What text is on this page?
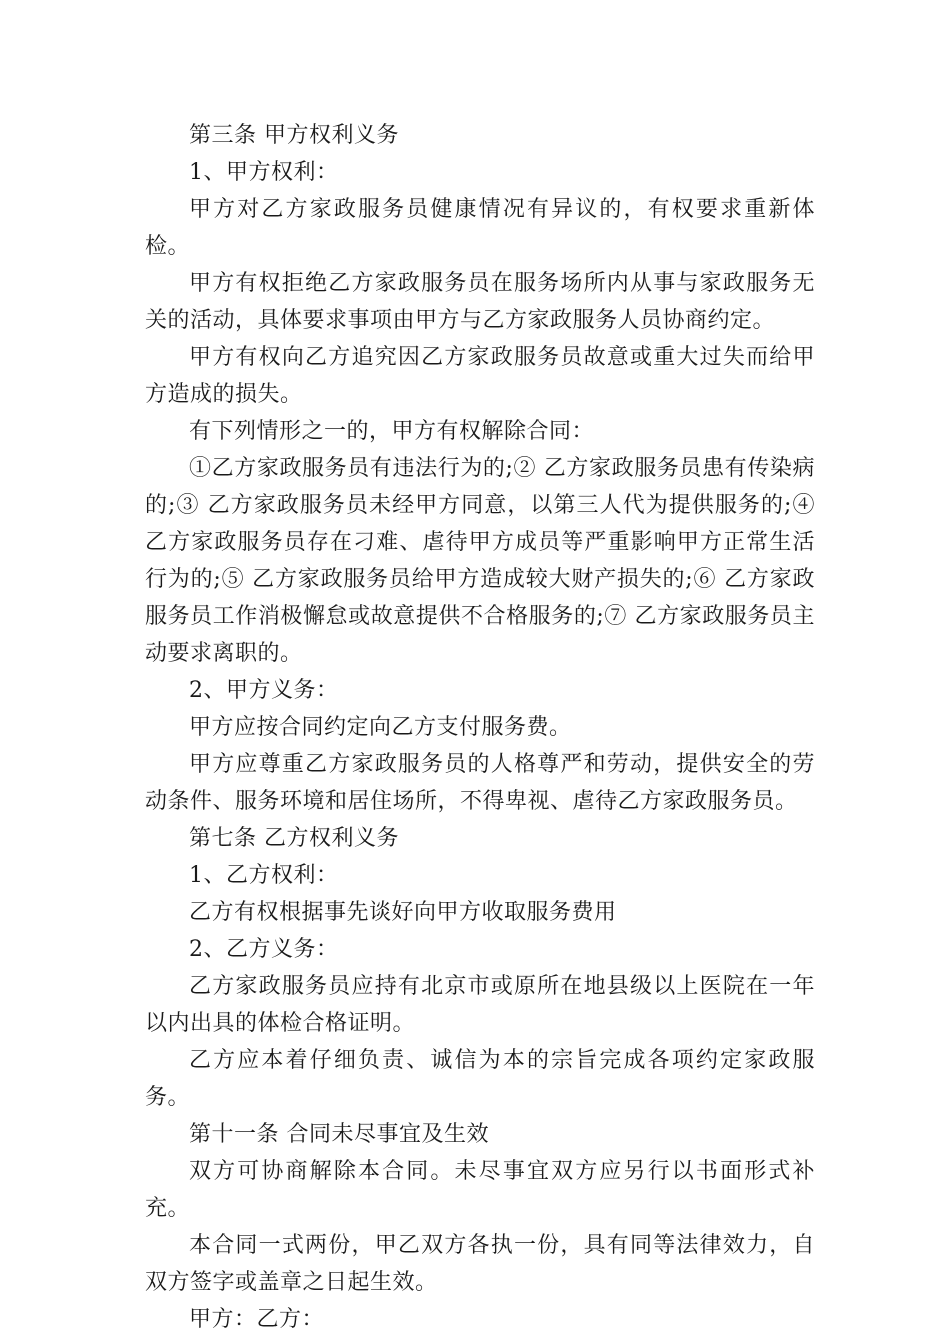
第三条 甲方权利义务

1、甲方权利：

甲方对乙方家政服务员健康情况有异议的，有权要求重新体检。

甲方有权拒绝乙方家政服务员在服务场所内从事与家政服务无关的活动，具体要求事项由甲方与乙方家政服务人员协商约定。

甲方有权向乙方追究因乙方家政服务员故意或重大过失而给甲方造成的损失。

有下列情形之一的，甲方有权解除合同：

①乙方家政服务员有违法行为的;② 乙方家政服务员患有传染病的;③ 乙方家政服务员未经甲方同意，以第三人代为提供服务的;④ 乙方家政服务员存在刁难、虐待甲方成员等严重影响甲方正常生活行为的;⑤ 乙方家政服务员给甲方造成较大财产损失的;⑥ 乙方家政服务员工作消极懈怠或故意提供不合格服务的;⑦ 乙方家政服务员主动要求离职的。

2、甲方义务：

甲方应按合同约定向乙方支付服务费。

甲方应尊重乙方家政服务员的人格尊严和劳动，提供安全的劳动条件、服务环境和居住场所，不得卑视、虐待乙方家政服务员。

第七条 乙方权利义务

1、乙方权利：

乙方有权根据事先谈好向甲方收取服务费用

2、乙方义务：

乙方家政服务员应持有北京市或原所在地县级以上医院在一年以内出具的体检合格证明。

乙方应本着仔细负责、诚信为本的宗旨完成各项约定家政服务。

第十一条 合同未尽事宜及生效

双方可协商解除本合同。未尽事宜双方应另行以书面形式补充。

本合同一式两份，甲乙双方各执一份，具有同等法律效力，自双方签字或盖章之日起生效。

甲方：乙方：
